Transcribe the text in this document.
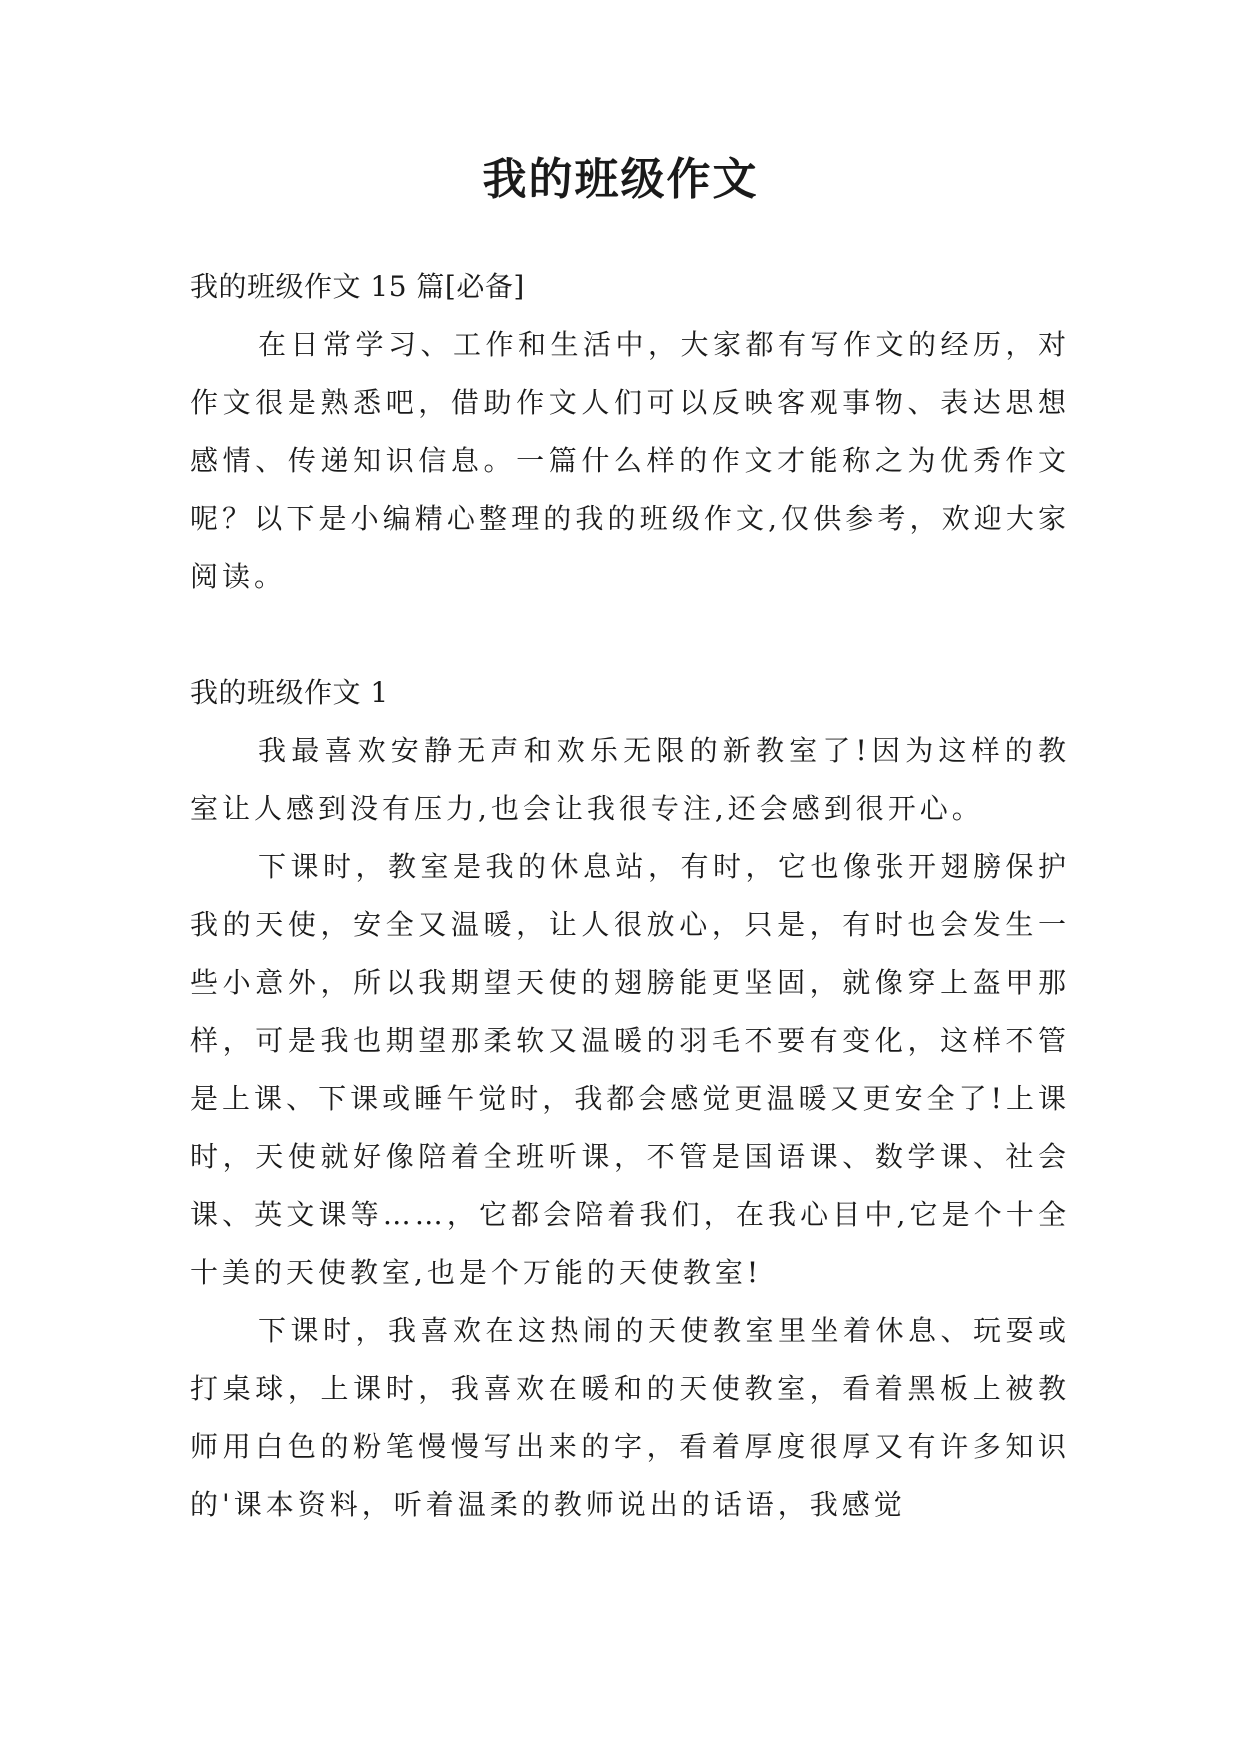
我的班级作文

我的班级作文 15 篇[必备]

在日常学习、工作和生活中，大家都有写作文的经历，对作文很是熟悉吧，借助作文人们可以反映客观事物、表达思想感情、传递知识信息。一篇什么样的作文才能称之为优秀作文呢？以下是小编精心整理的我的班级作文,仅供参考，欢迎大家阅读。

我的班级作文 1

我最喜欢安静无声和欢乐无限的新教室了!因为这样的教室让人感到没有压力,也会让我很专注,还会感到很开心。

下课时，教室是我的休息站，有时，它也像张开翅膀保护我的天使，安全又温暖，让人很放心，只是，有时也会发生一些小意外，所以我期望天使的翅膀能更坚固，就像穿上盔甲那样，可是我也期望那柔软又温暖的羽毛不要有变化，这样不管是上课、下课或睡午觉时，我都会感觉更温暖又更安全了!上课时，天使就好像陪着全班听课，不管是国语课、数学课、社会课、英文课等……，它都会陪着我们，在我心目中,它是个十全十美的天使教室,也是个万能的天使教室!

下课时，我喜欢在这热闹的天使教室里坐着休息、玩耍或打桌球，上课时，我喜欢在暖和的天使教室，看着黑板上被教师用白色的粉笔慢慢写出来的字，看着厚度很厚又有许多知识的'课本资料，听着温柔的教师说出的话语，我感觉
